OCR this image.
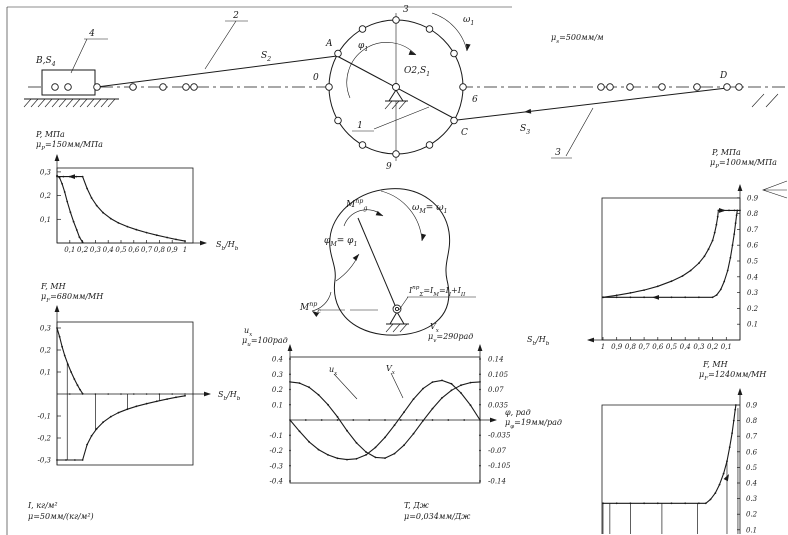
0,1 0,2 0,3 0,4 0,5 0,6 0,7 0,8 0,9 1
0,3
0,2
0,1
0,3
0,2
0,1
-0,1
-0,2
-0,3
0.4
0.3
0.2
0.1
-0.1
-0.2
-0.3
-0.4
0.14
0.105
0.07
0.035
-0.035
-0.07
-0.105
-0.14
1 0,9 0,8 0,7 0,6 0,5 0,4 0,3 0,2 0,1
0.9
0.8
0.7
0.6
0.5
0.4
0.3
0.2
0.1
0.9
0.8
0.7
0.6
0.5
0.4
0.3
0.2
0.1
$B,S_4$
4
2
$S_2$
A
0
3
$\varphi_1$
$O2,S_1$
$\omega_1$
6
C
9
1	$S_3$
3
D
$\mu_s=500мм/м$
$M^{пр}_g$	$\omega_M= \omega_1$
$\varphi_M= \varphi_1$
$M^{пр}_c$
$I^{пр}_\Sigma=I_M=I_I+I_{II}$
P, МПа
$\mu_P=150мм$/МПа
$S_b/H_b$
F, МН
$\mu_F=680мм/МН$
$S_b/H_b$
$u_x$
$\mu_u=100рад$
$V_x$
$\mu_v=290рад$
φ, рад
$\mu_\varphi=19мм$/рад
$u_x$
$V_x$
P, МПа
$\mu_P=100мм$/МПа
$S_b/H_b$
F, МН
$\mu_F=1240мм/МН$
I, кг/м²
μ=50мм/(кг/м²)
T, Дж
μ=0,034мм/Дж
